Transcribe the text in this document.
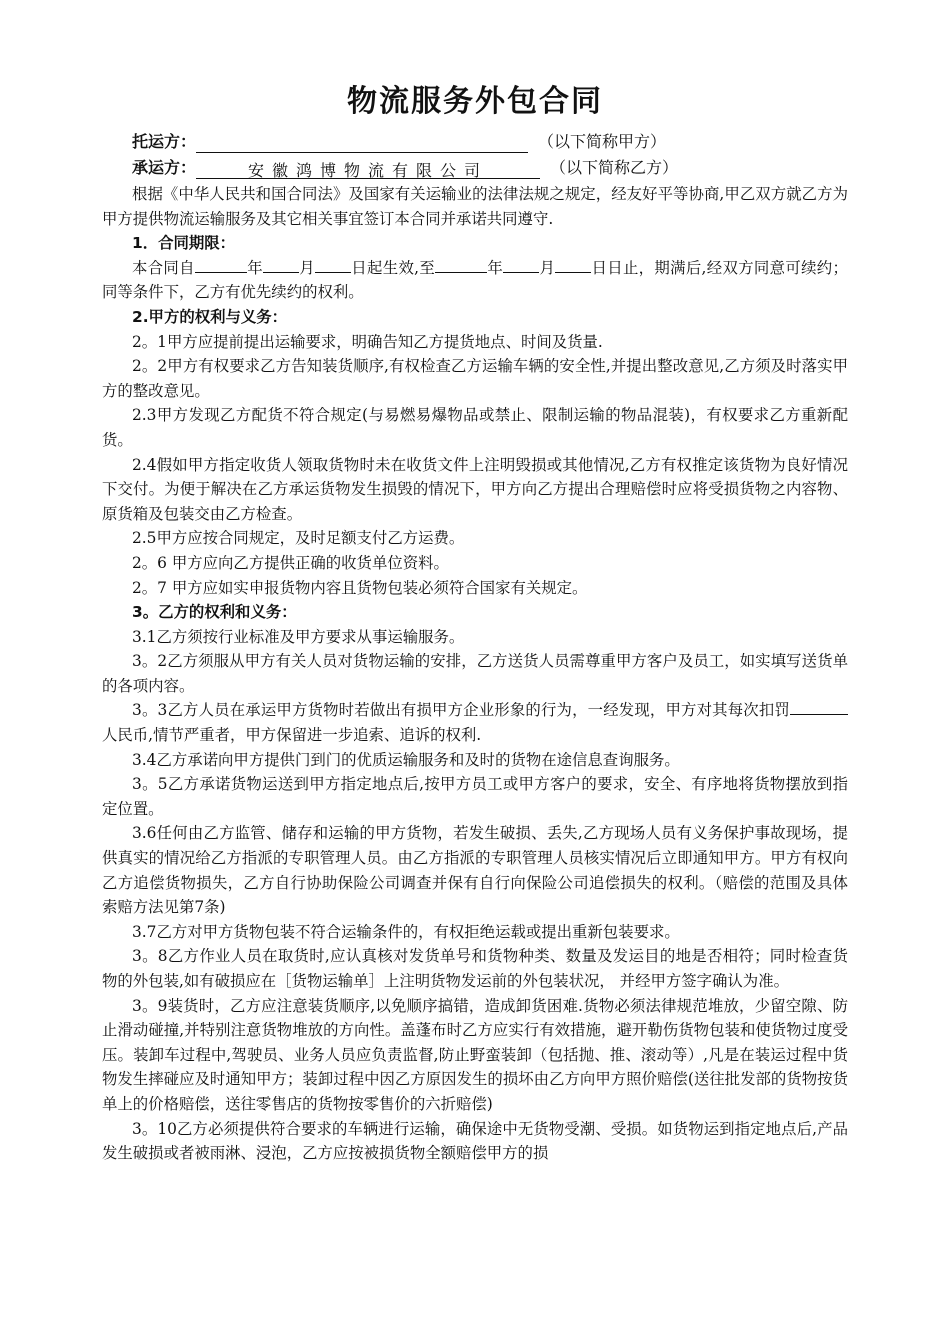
物流服务外包合同
托运方：	（以下简称甲方）
承运方：	安徽鸿博物流有限公司	（以下简称乙方）

根据《中华人民共和国合同法》及国家有关运输业的法律法规之规定，经友好平等协商,甲乙双方就乙方为甲方提供物流运输服务及其它相关事宜签订本合同并承诺共同遵守.

1．合同期限：

本合同自	年 月 日起生效,至	年 月 日日止，期满后,经双方同意可续约；同等条件下，乙方有优先续约的权利。

2.甲方的权利与义务：

2。1甲方应提前提出运输要求，明确告知乙方提货地点、时间及货量.

2。2甲方有权要求乙方告知装货顺序,有权检查乙方运输车辆的安全性,并提出整改意见,乙方须及时落实甲方的整改意见。

2.3甲方发现乙方配货不符合规定(与易燃易爆物品或禁止、限制运输的物品混装)，有权要求乙方重新配货。

2.4假如甲方指定收货人领取货物时未在收货文件上注明毁损或其他情况,乙方有权推定该货物为良好情况下交付。为便于解决在乙方承运货物发生损毁的情况下，甲方向乙方提出合理赔偿时应将受损货物之内容物、原货箱及包装交由乙方检查。

2.5甲方应按合同规定，及时足额支付乙方运费。

2。6 甲方应向乙方提供正确的收货单位资料。

2。7 甲方应如实申报货物内容且货物包装必须符合国家有关规定。

3。乙方的权利和义务：

3.1乙方须按行业标准及甲方要求从事运输服务。

3。2乙方须服从甲方有关人员对货物运输的安排，乙方送货人员需尊重甲方客户及员工，如实填写送货单的各项内容。

3。3乙方人员在承运甲方货物时若做出有损甲方企业形象的行为，一经发现，甲方对其每次扣罚人民币,情节严重者，甲方保留进一步追索、追诉的权利.

3.4乙方承诺向甲方提供门到门的优质运输服务和及时的货物在途信息查询服务。

3。5乙方承诺货物运送到甲方指定地点后,按甲方员工或甲方客户的要求，安全、有序地将货物摆放到指定位置。

3.6任何由乙方监管、储存和运输的甲方货物，若发生破损、丢失,乙方现场人员有义务保护事故现场，提供真实的情况给乙方指派的专职管理人员。由乙方指派的专职管理人员核实情况后立即通知甲方。甲方有权向乙方追偿货物损失，乙方自行协助保险公司调查并保有自行向保险公司追偿损失的权利。（赔偿的范围及具体索赔方法见第7条)

3.7乙方对甲方货物包装不符合运输条件的，有权拒绝运载或提出重新包装要求。

3。8乙方作业人员在取货时,应认真核对发货单号和货物种类、数量及发运目的地是否相符；同时检查货物的外包装,如有破损应在［货物运输单］上注明货物发运前的外包装状况， 并经甲方签字确认为准。

3。9装货时，乙方应注意装货顺序,以免顺序搞错，造成卸货困难.货物必须法律规范堆放，少留空隙、防止滑动碰撞,并特别注意货物堆放的方向性。盖蓬布时乙方应实行有效措施，避开勒伤货物包装和使货物过度受压。装卸车过程中,驾驶员、业务人员应负责监督,防止野蛮装卸（包括抛、推、滚动等）,凡是在装运过程中货物发生摔碰应及时通知甲方；装卸过程中因乙方原因发生的损坏由乙方向甲方照价赔偿(送往批发部的货物按货单上的价格赔偿，送往零售店的货物按零售价的六折赔偿)

3。10乙方必须提供符合要求的车辆进行运输，确保途中无货物受潮、受损。如货物运到指定地点后,产品发生破损或者被雨淋、浸泡，乙方应按被损货物全额赔偿甲方的损
